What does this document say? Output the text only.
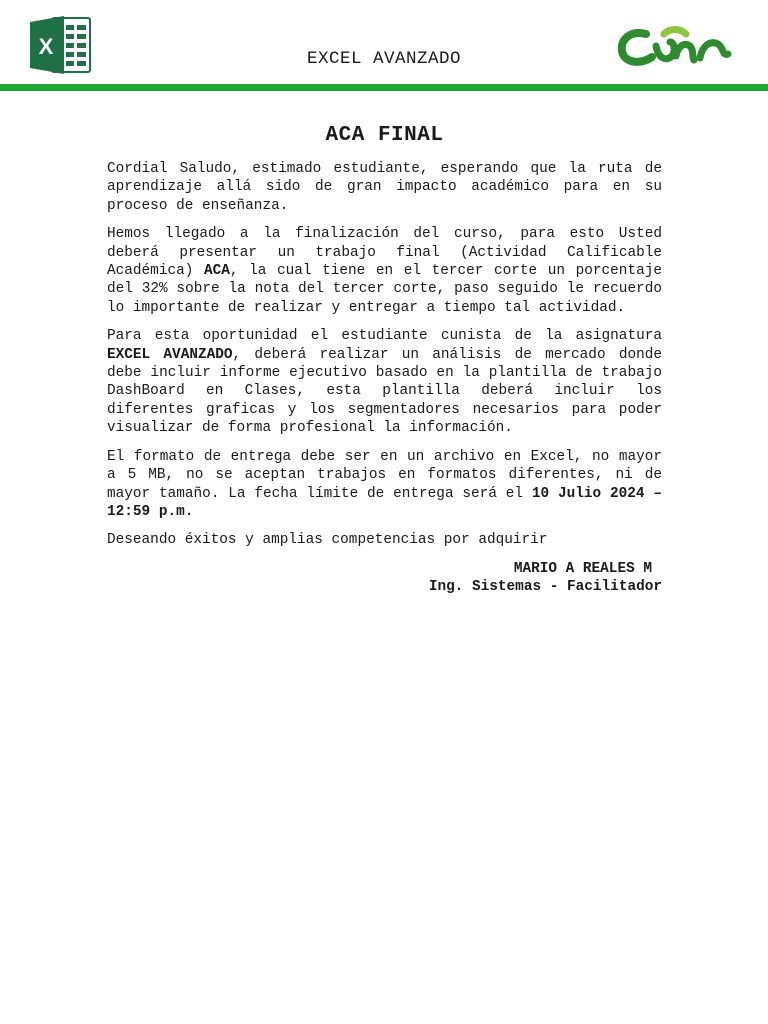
X	EXCEL AVANZADO
ACA FINAL

Cordial Saludo, estimado estudiante, esperando que la ruta de aprendizaje allá sido de gran impacto académico para en su proceso de enseñanza.

Hemos llegado a la finalización del curso, para esto Usted deberá presentar un trabajo final (Actividad Calificable Académica) ACA, la cual tiene en el tercer corte un porcentaje del 32% sobre la nota del tercer corte, paso seguido le recuerdo lo importante de realizar y entregar a tiempo tal actividad.

Para esta oportunidad el estudiante cunista de la asignatura EXCEL AVANZADO, deberá realizar un análisis de mercado donde debe incluir informe ejecutivo basado en la plantilla de trabajo DashBoard en Clases, esta plantilla deberá incluir los diferentes graficas y los segmentadores necesarios para poder visualizar de forma profesional la información.

El formato de entrega debe ser en un archivo en Excel, no mayor a 5 MB, no se aceptan trabajos en formatos diferentes, ni de mayor tamaño. La fecha límite de entrega será el 10 Julio 2024 – 12:59 p.m.

Deseando éxitos y amplias competencias por adquirir

MARIO A REALES M
Ing. Sistemas - Facilitador
